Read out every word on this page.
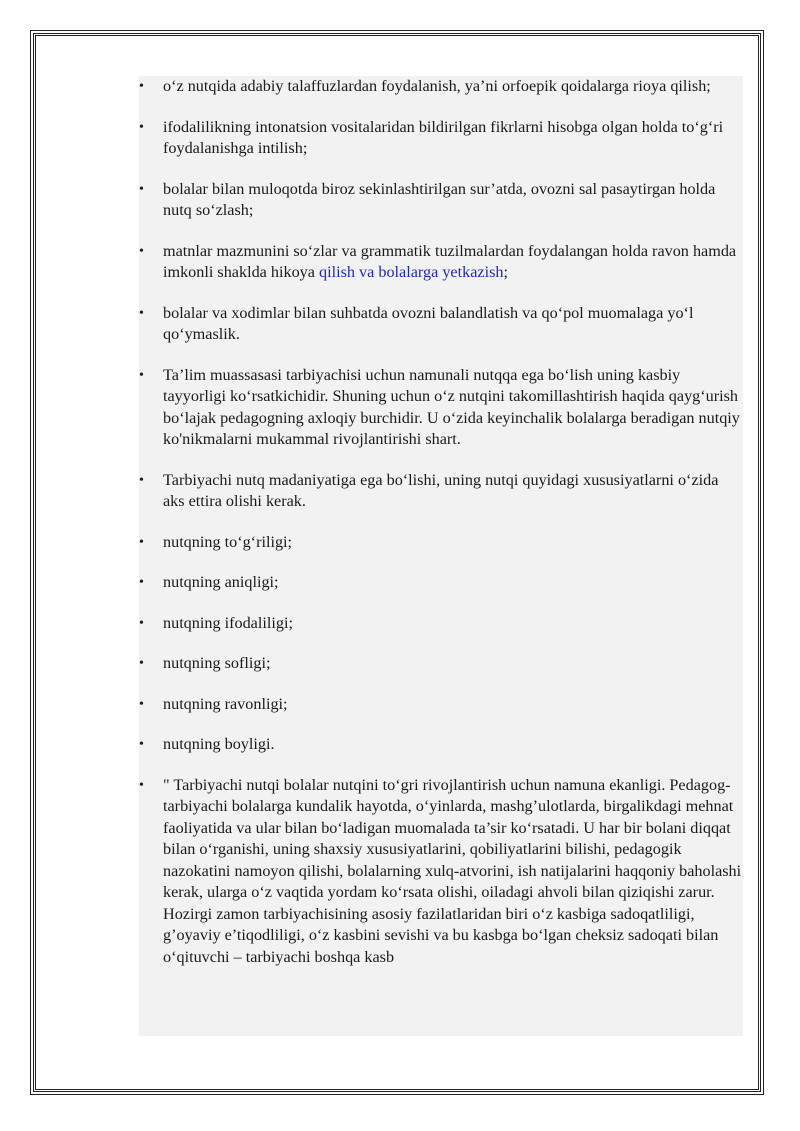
•	o‘z nutqida adabiy talaffuzlardan foydalanish, ya’ni orfoepik qoidalarga rioya qilish;
•	ifodalilikning intonatsion vositalaridan bildirilgan fikrlarni hisobga olgan holda to‘g‘ri foydalanishga intilish;
•	bolalar bilan muloqotda biroz sekinlashtirilgan sur’atda, ovozni sal pasaytirgan holda nutq so‘zlash;
•	matnlar mazmunini so‘zlar va grammatik tuzilmalardan foydalangan holda ravon hamda imkonli shaklda hikoya qilish va bolalarga yetkazish;
•	bolalar va xodimlar bilan suhbatda ovozni balandlatish va qo‘pol muomalaga yo‘l qo‘ymaslik.
•	Ta’lim muassasasi tarbiyachisi uchun namunali nutqqa ega bo‘lish uning kasbiy tayyorligi ko‘rsatkichidir. Shuning uchun o‘z nutqini takomillashtirish haqida qayg‘urish bo‘lajak pedagogning axloqiy burchidir. U o‘zida keyinchalik bolalarga beradigan nutqiy ko'nikmalarni mukammal rivojlantirishi shart.
•	Tarbiyachi nutq madaniyatiga ega bo‘lishi, uning nutqi quyidagi xususiyatlarni o‘zida aks ettira olishi kerak.
•	nutqning to‘g‘riligi;
•	nutqning aniqligi;
•	nutqning ifodaliligi;
•	nutqning sofligi;
•	nutqning ravonligi;
•	nutqning boyligi.
•	" Tarbiyachi nutqi bolalar nutqini to‘gri rivojlantirish uchun namuna ekanligi. Pedagog-tarbiyachi bolalarga kundalik hayotda, o‘yinlarda, mashg’ulotlarda, birgalikdagi mehnat faoliyatida va ular bilan bo‘ladigan muomalada ta’sir ko‘rsatadi. U har bir bolani diqqat bilan o‘rganishi, uning shaxsiy xususiyatlarini, qobiliyatlarini bilishi, pedagogik nazokatini namoyon qilishi, bolalarning xulq-atvorini, ish natijalarini haqqoniy baholashi kerak, ularga o‘z vaqtida yordam ko‘rsata olishi, oiladagi ahvoli bilan qiziqishi zarur. Hozirgi zamon tarbiyachisining asosiy fazilatlaridan biri o‘z kasbiga sadoqatliligi, g’oyaviy e’tiqodliligi, o‘z kasbini sevishi va bu kasbga bo‘lgan cheksiz sadoqati bilan o‘qituvchi – tarbiyachi boshqa kasb
